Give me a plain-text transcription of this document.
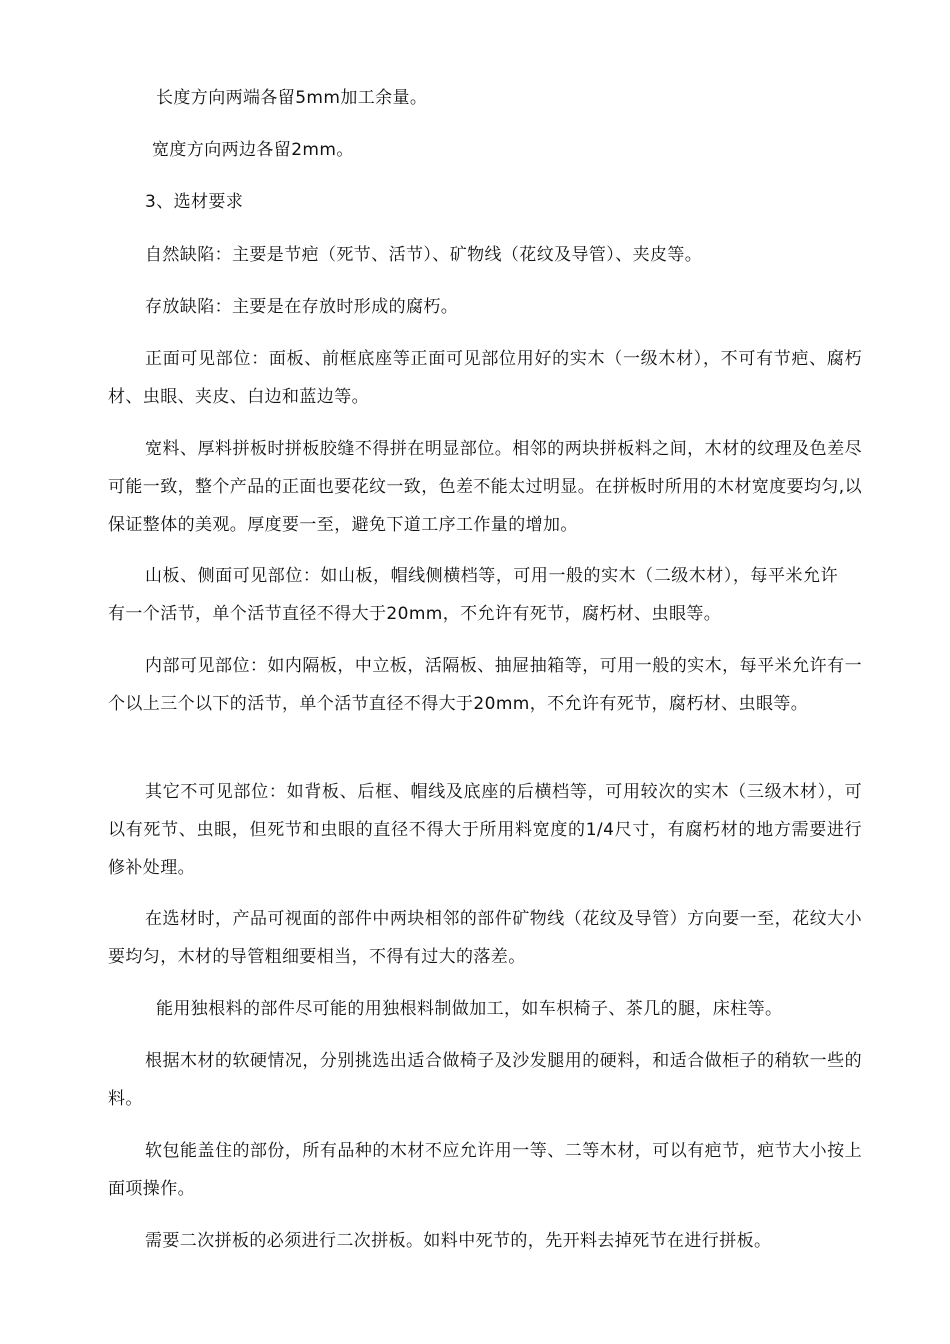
长度方向两端各留5mm加工余量。

宽度方向两边各留2mm。

3、选材要求

自然缺陷：主要是节疤（死节、活节）、矿物线（花纹及导管）、夹皮等。

存放缺陷：主要是在存放时形成的腐朽。

正面可见部位：面板、前框底座等正面可见部位用好的实木（一级木材），不可有节疤、腐朽材、虫眼、夹皮、白边和蓝边等。

宽料、厚料拼板时拼板胶缝不得拼在明显部位。相邻的两块拼板料之间，木材的纹理及色差尽可能一致，整个产品的正面也要花纹一致，色差不能太过明显。在拼板时所用的木材宽度要均匀,以保证整体的美观。厚度要一至，避免下道工序工作量的增加。

山板、侧面可见部位：如山板，帽线侧横档等，可用一般的实木（二级木材），每平米允许有一个活节，单个活节直径不得大于20mm，不允许有死节，腐朽材、虫眼等。

内部可见部位：如内隔板，中立板，活隔板、抽屉抽箱等，可用一般的实木，每平米允许有一个以上三个以下的活节，单个活节直径不得大于20mm，不允许有死节，腐朽材、虫眼等。

其它不可见部位：如背板、后框、帽线及底座的后横档等，可用较次的实木（三级木材），可以有死节、虫眼，但死节和虫眼的直径不得大于所用料宽度的1/4尺寸，有腐朽材的地方需要进行修补处理。

在选材时，产品可视面的部件中两块相邻的部件矿物线（花纹及导管）方向要一至，花纹大小要均匀，木材的导管粗细要相当，不得有过大的落差。

能用独根料的部件尽可能的用独根料制做加工，如车枳椅子、茶几的腿，床柱等。

根据木材的软硬情况，分别挑选出适合做椅子及沙发腿用的硬料，和适合做柜子的稍软一些的料。

软包能盖住的部份，所有品种的木材不应允许用一等、二等木材，可以有疤节，疤节大小按上面项操作。

需要二次拼板的必须进行二次拼板。如料中死节的，先开料去掉死节在进行拼板。
